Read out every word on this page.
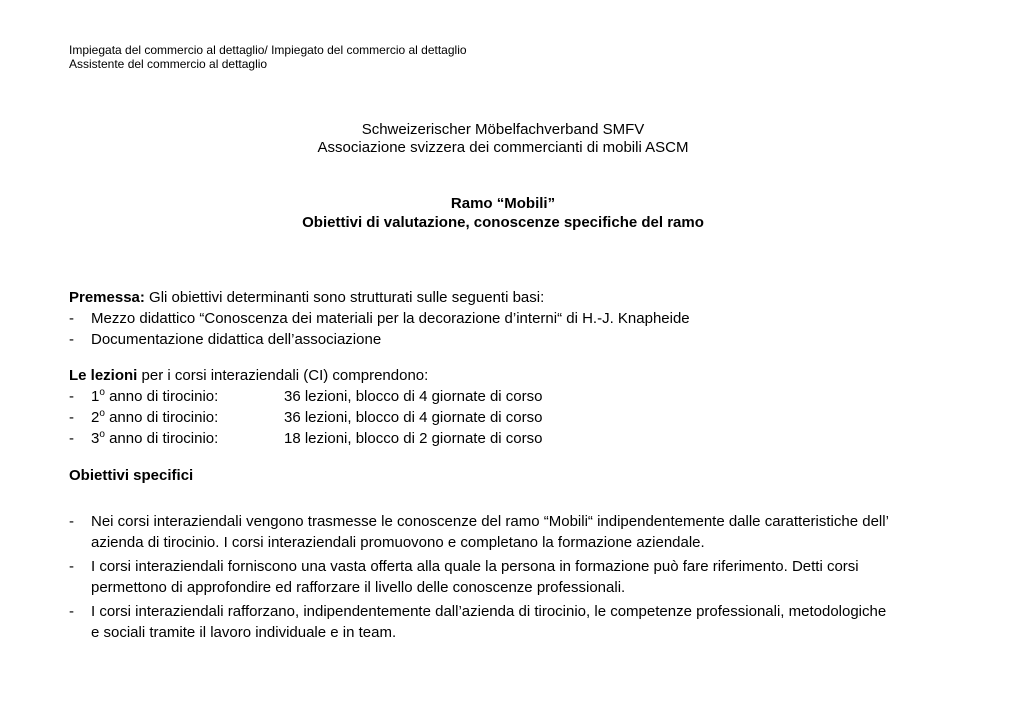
Impiegata del commercio al dettaglio/ Impiegato del commercio al dettaglio
Assistente del commercio al dettaglio
Schweizerischer Möbelfachverband SMFV
Associazione svizzera dei commercianti di mobili ASCM
Ramo “Mobili”
Obiettivi di valutazione, conoscenze specifiche del ramo

Premessa: Gli obiettivi determinanti sono strutturati sulle seguenti basi:

-	Mezzo didattico “Conoscenza dei materiali per la decorazione d’interni“ di H.-J. Knapheide
-	Documentazione didattica dell’associazione

Le lezioni per i corsi interaziendali (CI) comprendono:

-	1$^o$ anno di tirocinio:	36 lezioni, blocco di 4 giornate di corso
-	2$^o$ anno di tirocinio:	36 lezioni, blocco di 4 giornate di corso
-	3$^o$ anno di tirocinio:	18 lezioni, blocco di 2 giornate di corso

Obiettivi specifici

-	Nei corsi interaziendali vengono trasmesse le conoscenze del ramo “Mobili“ indipendentemente dalle caratteristiche dell’
azienda di tirocinio. I corsi interaziendali promuovono e completano la formazione aziendale.
-	I corsi interaziendali forniscono una vasta offerta alla quale la persona in formazione può fare riferimento. Detti corsi
permettono di approfondire ed rafforzare il livello delle conoscenze professionali.
-	I corsi interaziendali rafforzano, indipendentemente dall’azienda di tirocinio, le competenze professionali, metodologiche
e sociali tramite il lavoro individuale e in team.
